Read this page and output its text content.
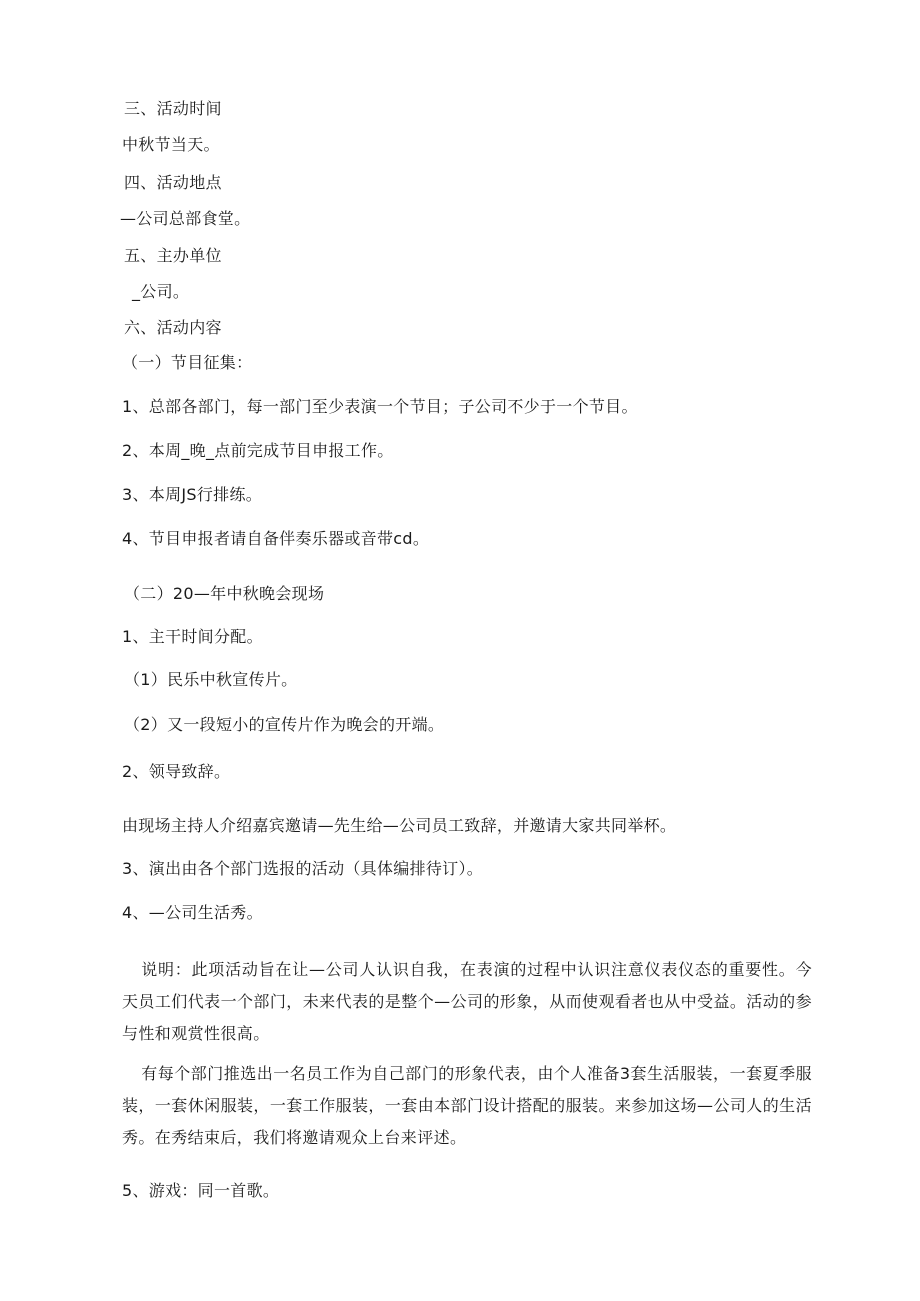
三、活动时间
中秋节当天。
四、活动地点
—公司总部食堂。
五、主办单位
_公司。
六、活动内容
（一）节目征集：
1、总部各部门，每一部门至少表演一个节目；子公司不少于一个节目。
2、本周_晚_点前完成节目申报工作。
3、本周JS行排练。
4、节目申报者请自备伴奏乐器或音带cd。
（二）20—年中秋晚会现场
1、主干时间分配。
（1）民乐中秋宣传片。
（2）又一段短小的宣传片作为晚会的开端。
2、领导致辞。
由现场主持人介绍嘉宾邀请—先生给—公司员工致辞，并邀请大家共同举杯。
3、演出由各个部门选报的活动（具体编排待订）。
4、—公司生活秀。
说明：此项活动旨在让—公司人认识自我，在表演的过程中认识注意仪表仪态的重要性。今天员工们代表一个部门，未来代表的是整个—公司的形象，从而使观看者也从中受益。活动的参与性和观赏性很高。
有每个部门推选出一名员工作为自己部门的形象代表，由个人准备3套生活服装，一套夏季服装，一套休闲服装，一套工作服装，一套由本部门设计搭配的服装。来参加这场—公司人的生活秀。在秀结束后，我们将邀请观众上台来评述。
5、游戏：同一首歌。
